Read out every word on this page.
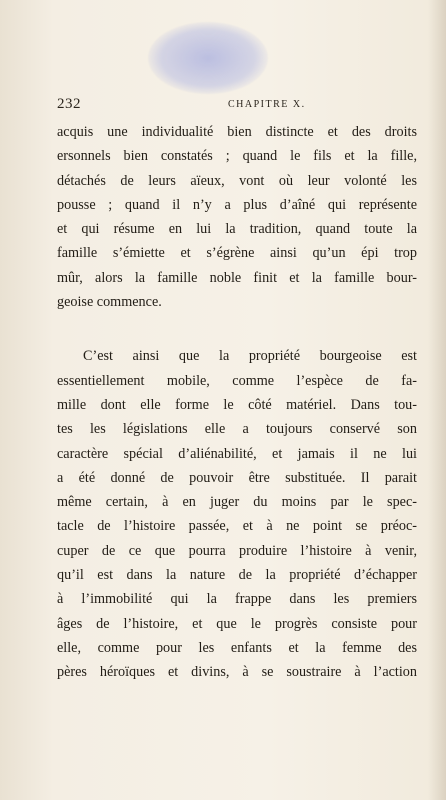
232	CHAPITRE X.
acquis une individualité bien distincte et des droits
ersonnels bien constatés ; quand le fils et la fille,
détachés de leurs aïeux, vont où leur volonté les
pousse ; quand il n’y a plus d’aîné qui représente
et qui résume en lui la tradition, quand toute la
famille s’émiette et s’égrène ainsi qu’un épi trop
mûr, alors la famille noble finit et la famille bour-
geoise commence.
C’est ainsi que la propriété bourgeoise est
essentiellement mobile, comme l’espèce de fa-
mille dont elle forme le côté matériel. Dans tou-
tes les législations elle a toujours conservé son
caractère spécial d’aliénabilité, et jamais il ne lui
a été donné de pouvoir être substituée. Il parait
même certain, à en juger du moins par le spec-
tacle de l’histoire passée, et à ne point se préoc-
cuper de ce que pourra produire l’histoire à venir,
qu’il est dans la nature de la propriété d’échapper
à l’immobilité qui la frappe dans les premiers
âges de l’histoire, et que le progrès consiste pour
elle, comme pour les enfants et la femme des
pères héroïques et divins, à se soustraire à l’action
